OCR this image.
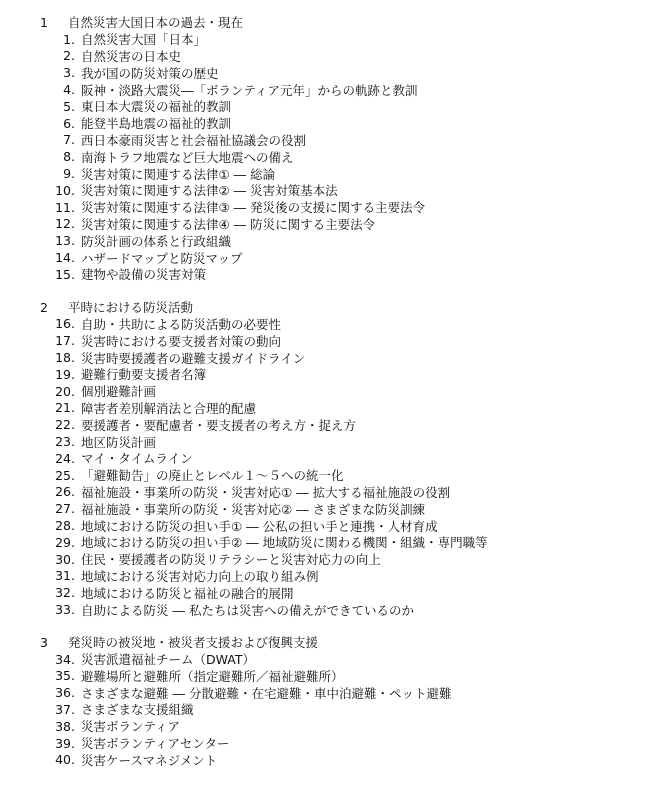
1 自然災害大国日本の過去・現在
1. 自然災害大国「日本」
2. 自然災害の日本史
3. 我が国の防災対策の歴史
4. 阪神・淡路大震災―「ボランティア元年」からの軌跡と教訓
5. 東日本大震災の福祉的教訓
6. 能登半島地震の福祉的教訓
7. 西日本豪雨災害と社会福祉協議会の役割
8. 南海トラフ地震など巨大地震への備え
9. 災害対策に関連する法律① ― 総論
10. 災害対策に関連する法律② ― 災害対策基本法
11. 災害対策に関連する法律③ ― 発災後の支援に関する主要法令
12. 災害対策に関連する法律④ ― 防災に関する主要法令
13. 防災計画の体系と行政組織
14. ハザードマップと防災マップ
15. 建物や設備の災害対策
2 平時における防災活動
16. 自助・共助による防災活動の必要性
17. 災害時における要支援者対策の動向
18. 災害時要援護者の避難支援ガイドライン
19. 避難行動要支援者名簿
20. 個別避難計画
21. 障害者差別解消法と合理的配慮
22. 要援護者・要配慮者・要支援者の考え方・捉え方
23. 地区防災計画
24. マイ・タイムライン
25. 「避難勧告」の廃止とレベル１～５への統一化
26. 福祉施設・事業所の防災・災害対応① ― 拡大する福祉施設の役割
27. 福祉施設・事業所の防災・災害対応② ― さまざまな防災訓練
28. 地域における防災の担い手① ― 公私の担い手と連携・人材育成
29. 地域における防災の担い手② ― 地域防災に関わる機関・組織・専門職等
30. 住民・要援護者の防災リテラシーと災害対応力の向上
31. 地域における災害対応力向上の取り組み例
32. 地域における防災と福祉の融合的展開
33. 自助による防災 ― 私たちは災害への備えができているのか
3 発災時の被災地・被災者支援および復興支援
34. 災害派遣福祉チーム（DWAT）
35. 避難場所と避難所（指定避難所／福祉避難所）
36. さまざまな避難 ― 分散避難・在宅避難・車中泊避難・ペット避難
37. さまざまな支援組織
38. 災害ボランティア
39. 災害ボランティアセンター
40. 災害ケースマネジメント
